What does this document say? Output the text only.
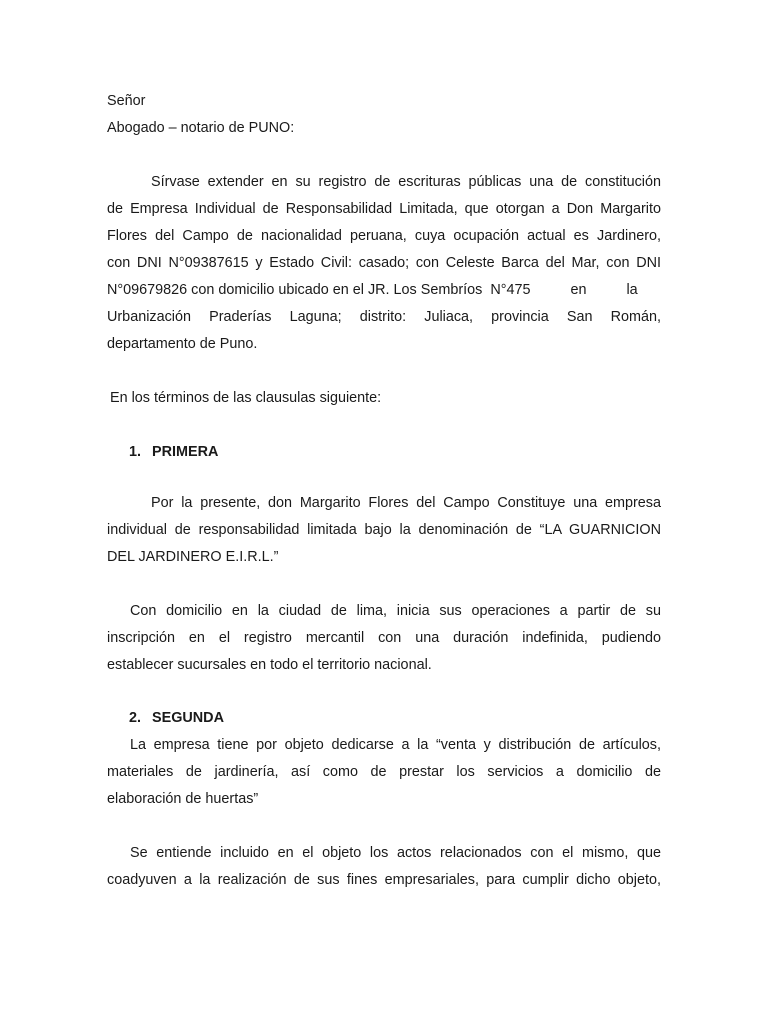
Señor
Abogado – notario de PUNO:
Sírvase extender en su registro de escrituras públicas una de constitución
de Empresa Individual de Responsabilidad Limitada, que otorgan a Don Margarito
Flores del Campo de nacionalidad peruana, cuya ocupación actual es Jardinero,
con DNI N°09387615 y Estado Civil: casado; con Celeste Barca del Mar, con DNI
N°09679826 con domicilio ubicado en el JR. Los Sembríos  N°475          en          la
Urbanización Praderías Laguna; distrito: Juliaca, provincia San Román,
departamento de Puno.
En los términos de las clausulas siguiente:
1. PRIMERA
Por la presente, don Margarito Flores del Campo Constituye una empresa
individual de responsabilidad limitada bajo la denominación de “LA GUARNICION
DEL JARDINERO E.I.R.L.”
Con domicilio en la ciudad de lima, inicia sus operaciones a partir de su
inscripción en el registro mercantil con una duración indefinida, pudiendo
establecer sucursales en todo el territorio nacional.
2. SEGUNDA
La empresa tiene por objeto dedicarse a la “venta y distribución de artículos,
materiales de jardinería, así como de prestar los servicios a domicilio de
elaboración de huertas”
Se entiende incluido en el objeto los actos relacionados con el mismo, que
coadyuven a la realización de sus fines empresariales, para cumplir dicho objeto,
